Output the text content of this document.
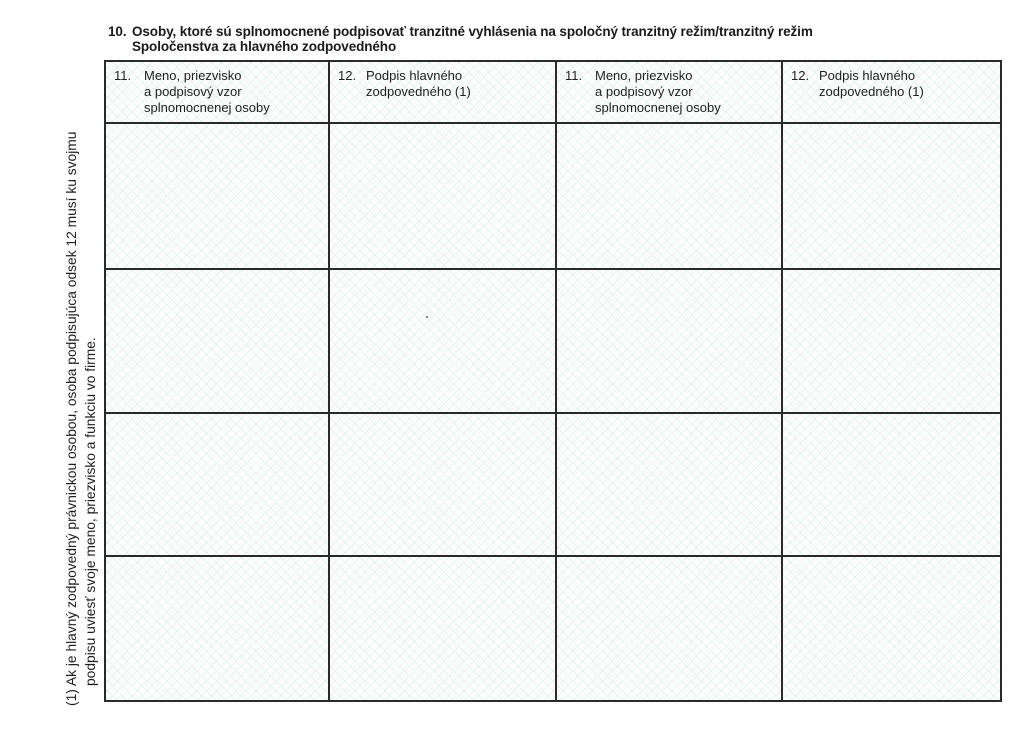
10. Osoby, ktoré sú splnomocnené podpisovať tranzitné vyhlásenia na spoločný tranzitný režim/tranzitný režim
Spoločenstva za hlavného zodpovedného
(1) Ak je hlavný zodpovedný právnickou osobou, osoba podpisujúca odsek 12 musí ku svojmu podpisu uviesť svoje meno, priezvisko a funkciu vo firme.
11. Meno, priezvisko
a podpisový vzor
splnomocnenej osoby
12. Podpis hlavného
zodpovedného (1)
11. Meno, priezvisko
a podpisový vzor
splnomocnenej osoby
12. Podpis hlavného
zodpovedného (1)
